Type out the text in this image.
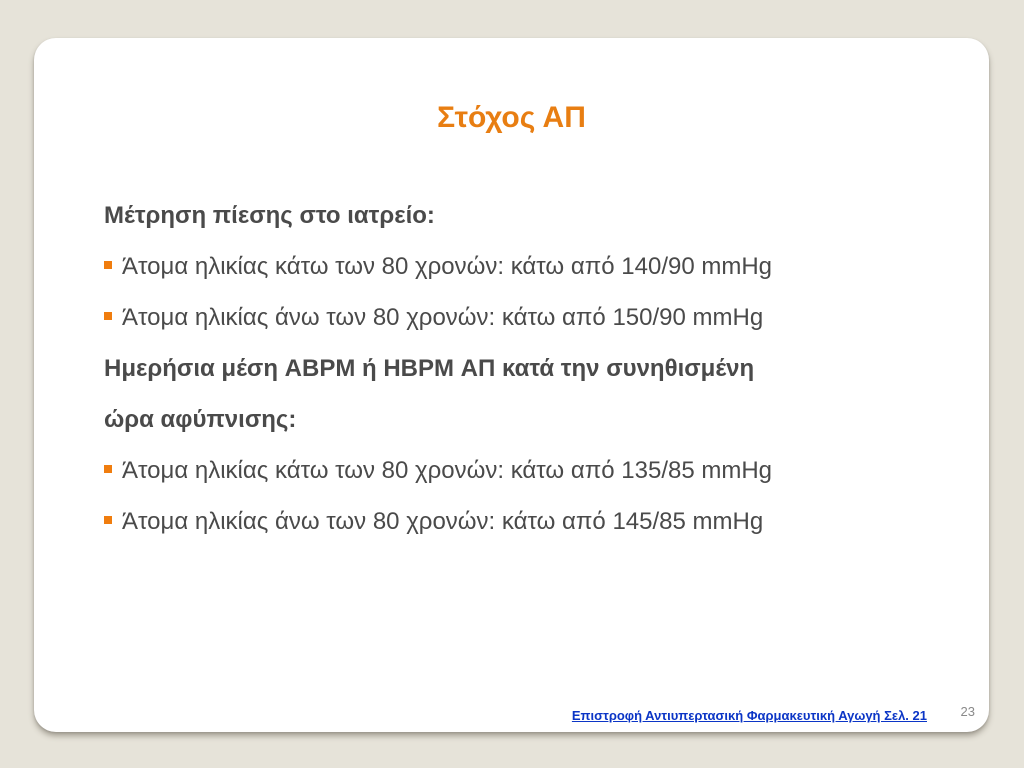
Στόχος ΑΠ
Μέτρηση πίεσης στο ιατρείο:
Άτομα ηλικίας κάτω των 80 χρονών: κάτω από 140/90 mmHg
Άτομα ηλικίας άνω των 80 χρονών: κάτω από 150/90 mmHg
Ημερήσια μέση ABPM ή HBPM ΑΠ κατά την συνηθισμένη
ώρα αφύπνισης:
Άτομα ηλικίας κάτω των 80 χρονών: κάτω από 135/85 mmHg
Άτομα ηλικίας άνω των 80 χρονών: κάτω από 145/85 mmHg
Επιστροφή Αντιυπερτασική Φαρμακευτική Αγωγή Σελ. 21	23
